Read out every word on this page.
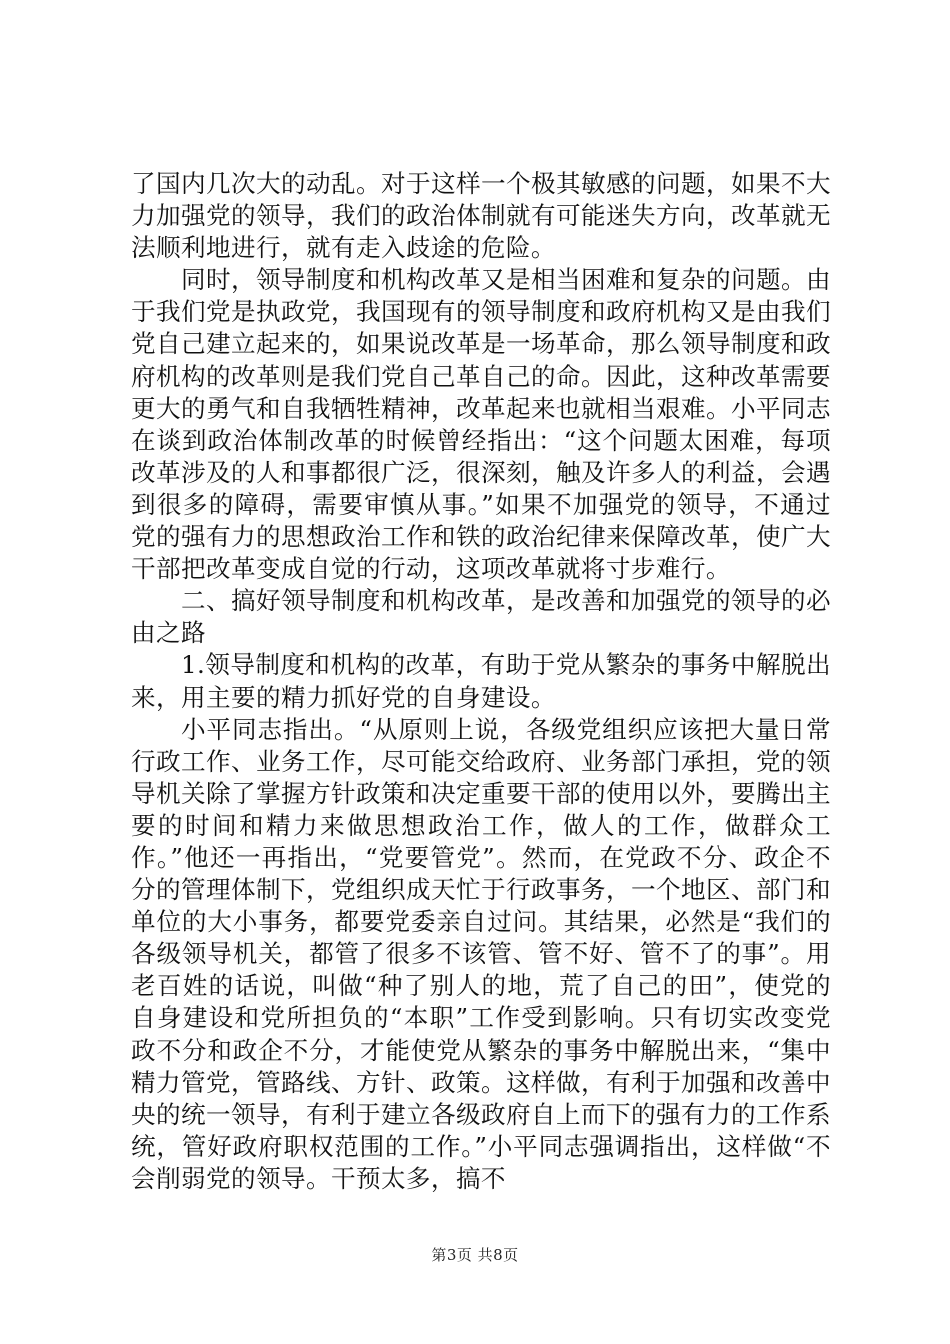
了国内几次大的动乱。对于这样一个极其敏感的问题，如果不大力加强党的领导，我们的政治体制就有可能迷失方向，改革就无法顺利地进行，就有走入歧途的危险。

同时，领导制度和机构改革又是相当困难和复杂的问题。由于我们党是执政党，我国现有的领导制度和政府机构又是由我们党自己建立起来的，如果说改革是一场革命，那么领导制度和政府机构的改革则是我们党自己革自己的命。因此，这种改革需要更大的勇气和自我牺牲精神，改革起来也就相当艰难。小平同志在谈到政治体制改革的时候曾经指出：“这个问题太困难，每项改革涉及的人和事都很广泛，很深刻，触及许多人的利益，会遇到很多的障碍，需要审慎从事。”如果不加强党的领导，不通过党的强有力的思想政治工作和铁的政治纪律来保障改革，使广大干部把改革变成自觉的行动，这项改革就将寸步难行。

二、搞好领导制度和机构改革，是改善和加强党的领导的必由之路

1.领导制度和机构的改革，有助于党从繁杂的事务中解脱出来，用主要的精力抓好党的自身建设。

小平同志指出。“从原则上说，各级党组织应该把大量日常行政工作、业务工作，尽可能交给政府、业务部门承担，党的领导机关除了掌握方针政策和决定重要干部的使用以外，要腾出主要的时间和精力来做思想政治工作，做人的工作，做群众工作。”他还一再指出，“党要管党”。然而，在党政不分、政企不分的管理体制下，党组织成天忙于行政事务，一个地区、部门和单位的大小事务，都要党委亲自过问。其结果，必然是“我们的各级领导机关，都管了很多不该管、管不好、管不了的事”。用老百姓的话说，叫做“种了别人的地，荒了自己的田”，使党的自身建设和党所担负的“本职”工作受到影响。只有切实改变党政不分和政企不分，才能使党从繁杂的事务中解脱出来，“集中精力管党，管路线、方针、政策。这样做，有利于加强和改善中央的统一领导，有利于建立各级政府自上而下的强有力的工作系统，管好政府职权范围的工作。”小平同志强调指出，这样做“不会削弱党的领导。干预太多，搞不

第3页 共8页
